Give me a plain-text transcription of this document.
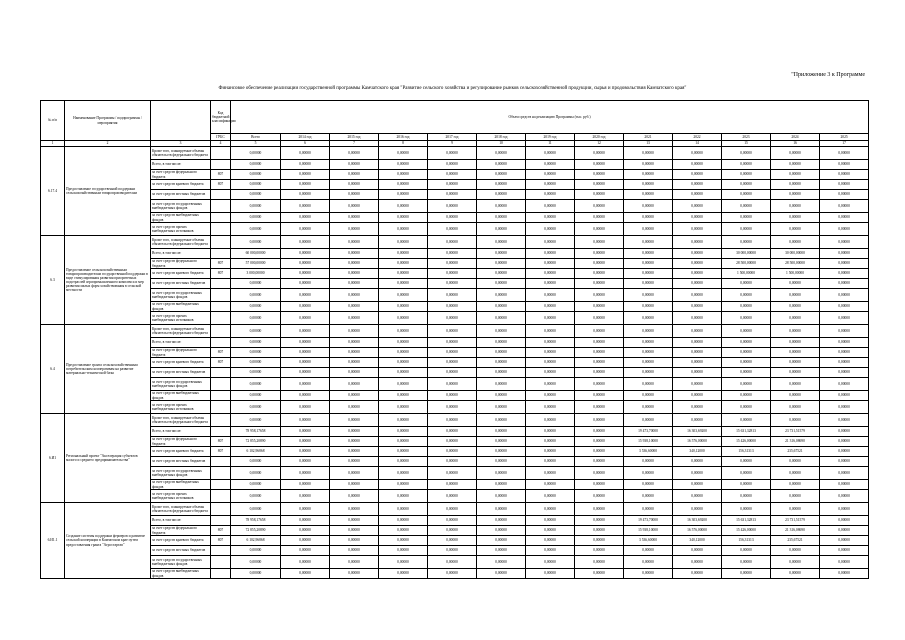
"Приложение 3 к Программе
Финансовое обеспечение реализации государственной программы Камчатского края "Развитие сельского хозяйства и регулирование рынков сельскохозяйственной продукции, сырья и продовольствия Камчатского края"
№ п/п	Наименование Программы / подпрограммы / мероприятия		Код бюджетной классификации	Объем средств на реализацию Программы (тыс. руб.)												
			ГРБС	Всего	2014 год	2015 год	2016 год	2017 год	2018 год	2019 год	2020 год	2021	2022	2023	2024	2025
1	2	3	4	5	6	7	8	9	10	11	12	13	14	15	16	17
6.17.4	Предоставление государственной поддержки сельскохозяйственным товаропроизводителям	Кроме того, планируемые объемы обязательств федерального бюджета		0,00000	0,00000	0,00000	0,00000	0,00000	0,00000	0,00000	0,00000	0,00000	0,00000	0,00000	0,00000	0,00000
		Всего, в том числе:		0,00000	0,00000	0,00000	0,00000	0,00000	0,00000	0,00000	0,00000	0,00000	0,00000	0,00000	0,00000	0,00000
		за счет средств федерального бюджета	807	0,00000	0,00000	0,00000	0,00000	0,00000	0,00000	0,00000	0,00000	0,00000	0,00000	0,00000	0,00000	0,00000
		за счет средств краевого бюджета	807	0,00000	0,00000	0,00000	0,00000	0,00000	0,00000	0,00000	0,00000	0,00000	0,00000	0,00000	0,00000	0,00000
		за счет средств местных бюджетов		0,00000	0,00000	0,00000	0,00000	0,00000	0,00000	0,00000	0,00000	0,00000	0,00000	0,00000	0,00000	0,00000
		за счет средств государственных внебюджетных фондов		0,00000	0,00000	0,00000	0,00000	0,00000	0,00000	0,00000	0,00000	0,00000	0,00000	0,00000	0,00000	0,00000
		за счет средств внебюджетных фондов		0,00000	0,00000	0,00000	0,00000	0,00000	0,00000	0,00000	0,00000	0,00000	0,00000	0,00000	0,00000	0,00000
		за счет средств прочих внебюджетных источников		0,00000	0,00000	0,00000	0,00000	0,00000	0,00000	0,00000	0,00000	0,00000	0,00000	0,00000	0,00000	0,00000
6.3	Предоставление сельскохозяйственным товаропроизводителям государственной поддержки в виде стимулирования развития приоритетных подотраслей агропромышленного комплекса и мер развития малых форм хозяйствования в сельской местности	Кроме того, планируемые объемы обязательств федерального бюджета		0,00000	0,00000	0,00000	0,00000	0,00000	0,00000	0,00000	0,00000	0,00000	0,00000	0,00000	0,00000	0,00000
		Всего, в том числе:		60 000,00000	0,00000	0,00000	0,00000	0,00000	0,00000	0,00000	0,00000	0,00000	0,00000	30 000,00000	30 000,00000	0,00000
		за счет средств федерального бюджета	807	57 000,00000	0,00000	0,00000	0,00000	0,00000	0,00000	0,00000	0,00000	0,00000	0,00000	28 500,00000	28 500,00000	0,00000
		за счет средств краевого бюджета	807	3 000,00000	0,00000	0,00000	0,00000	0,00000	0,00000	0,00000	0,00000	0,00000	0,00000	1 500,00000	1 500,00000	0,00000
		за счет средств местных бюджетов		0,00000	0,00000	0,00000	0,00000	0,00000	0,00000	0,00000	0,00000	0,00000	0,00000	0,00000	0,00000	0,00000
		за счет средств государственных внебюджетных фондов		0,00000	0,00000	0,00000	0,00000	0,00000	0,00000	0,00000	0,00000	0,00000	0,00000	0,00000	0,00000	0,00000
		за счет средств внебюджетных фондов		0,00000	0,00000	0,00000	0,00000	0,00000	0,00000	0,00000	0,00000	0,00000	0,00000	0,00000	0,00000	0,00000
		за счет средств прочих внебюджетных источников		0,00000	0,00000	0,00000	0,00000	0,00000	0,00000	0,00000	0,00000	0,00000	0,00000	0,00000	0,00000	0,00000
6.4	Предоставление гранта сельскохозяйственным потребительским кооперативам на развитие материально-технической базы	Кроме того, планируемые объемы обязательств федерального бюджета		0,00000	0,00000	0,00000	0,00000	0,00000	0,00000	0,00000	0,00000	0,00000	0,00000	0,00000	0,00000	0,00000
		Всего, в том числе:		0,00000	0,00000	0,00000	0,00000	0,00000	0,00000	0,00000	0,00000	0,00000	0,00000	0,00000	0,00000	0,00000
		за счет средств федерального бюджета	807	0,00000	0,00000	0,00000	0,00000	0,00000	0,00000	0,00000	0,00000	0,00000	0,00000	0,00000	0,00000	0,00000
		за счет средств краевого бюджета	807	0,00000	0,00000	0,00000	0,00000	0,00000	0,00000	0,00000	0,00000	0,00000	0,00000	0,00000	0,00000	0,00000
		за счет средств местных бюджетов		0,00000	0,00000	0,00000	0,00000	0,00000	0,00000	0,00000	0,00000	0,00000	0,00000	0,00000	0,00000	0,00000
		за счет средств государственных внебюджетных фондов		0,00000	0,00000	0,00000	0,00000	0,00000	0,00000	0,00000	0,00000	0,00000	0,00000	0,00000	0,00000	0,00000
		за счет средств внебюджетных фондов		0,00000	0,00000	0,00000	0,00000	0,00000	0,00000	0,00000	0,00000	0,00000	0,00000	0,00000	0,00000	0,00000
		за счет средств прочих внебюджетных источников		0,00000	0,00000	0,00000	0,00000	0,00000	0,00000	0,00000	0,00000	0,00000	0,00000	0,00000	0,00000	0,00000
6.И1	Региональный проект "Акселерация субъектов малого и среднего предпринимательства"	Кроме того, планируемые объемы обязательств федерального бюджета		0,00000	0,00000	0,00000	0,00000	0,00000	0,00000	0,00000	0,00000	0,00000	0,00000	0,00000	0,00000	0,00000
		Всего, в том числе:		78 958,17658	0,00000	0,00000	0,00000	0,00000	0,00000	0,00000	0,00000	19 473,70000	16 303,69200	15 631,32813	23 731,51579	0,00000
		за счет средств федерального бюджета	807	72 855,20890	0,00000	0,00000	0,00000	0,00000	0,00000	0,00000	0,00000	15 938,10000	16 576,00000	15 426,00000	21 316,08690	0,00000
		за счет средств краевого бюджета	807	6 102,96868	0,00000	0,00000	0,00000	0,00000	0,00000	0,00000	0,00000	3 536,60000	340,12000	156,31313	235,67521	0,00000
		за счет средств местных бюджетов		0,00000	0,00000	0,00000	0,00000	0,00000	0,00000	0,00000	0,00000	0,00000	0,00000	0,00000	0,00000	0,00000
		за счет средств государственных внебюджетных фондов		0,00000	0,00000	0,00000	0,00000	0,00000	0,00000	0,00000	0,00000	0,00000	0,00000	0,00000	0,00000	0,00000
		за счет средств внебюджетных фондов		0,00000	0,00000	0,00000	0,00000	0,00000	0,00000	0,00000	0,00000	0,00000	0,00000	0,00000	0,00000	0,00000
		за счет средств прочих внебюджетных источников		0,00000	0,00000	0,00000	0,00000	0,00000	0,00000	0,00000	0,00000	0,00000	0,00000	0,00000	0,00000	0,00000
6.И1.1	Создание системы поддержки фермеров и развитие сельской кооперации в Камчатском крае путем предоставления гранта "Агростартап"	Кроме того, планируемые объемы обязательств федерального бюджета		0,00000	0,00000	0,00000	0,00000	0,00000	0,00000	0,00000	0,00000	0,00000	0,00000	0,00000	0,00000	0,00000
		Всего, в том числе:		78 958,17658	0,00000	0,00000	0,00000	0,00000	0,00000	0,00000	0,00000	19 473,70000	16 303,69200	15 631,32813	23 731,51579	0,00000
		за счет средств федерального бюджета	807	72 855,20890	0,00000	0,00000	0,00000	0,00000	0,00000	0,00000	0,00000	15 938,10000	16 576,00000	15 426,00000	21 316,08690	0,00000
		за счет средств краевого бюджета	807	6 102,96868	0,00000	0,00000	0,00000	0,00000	0,00000	0,00000	0,00000	3 536,60000	340,12000	156,31313	235,67521	0,00000
		за счет средств местных бюджетов		0,00000	0,00000	0,00000	0,00000	0,00000	0,00000	0,00000	0,00000	0,00000	0,00000	0,00000	0,00000	0,00000
		за счет средств государственных внебюджетных фондов		0,00000	0,00000	0,00000	0,00000	0,00000	0,00000	0,00000	0,00000	0,00000	0,00000	0,00000	0,00000	0,00000
		за счет средств внебюджетных фондов		0,00000	0,00000	0,00000	0,00000	0,00000	0,00000	0,00000	0,00000	0,00000	0,00000	0,00000	0,00000	0,00000
